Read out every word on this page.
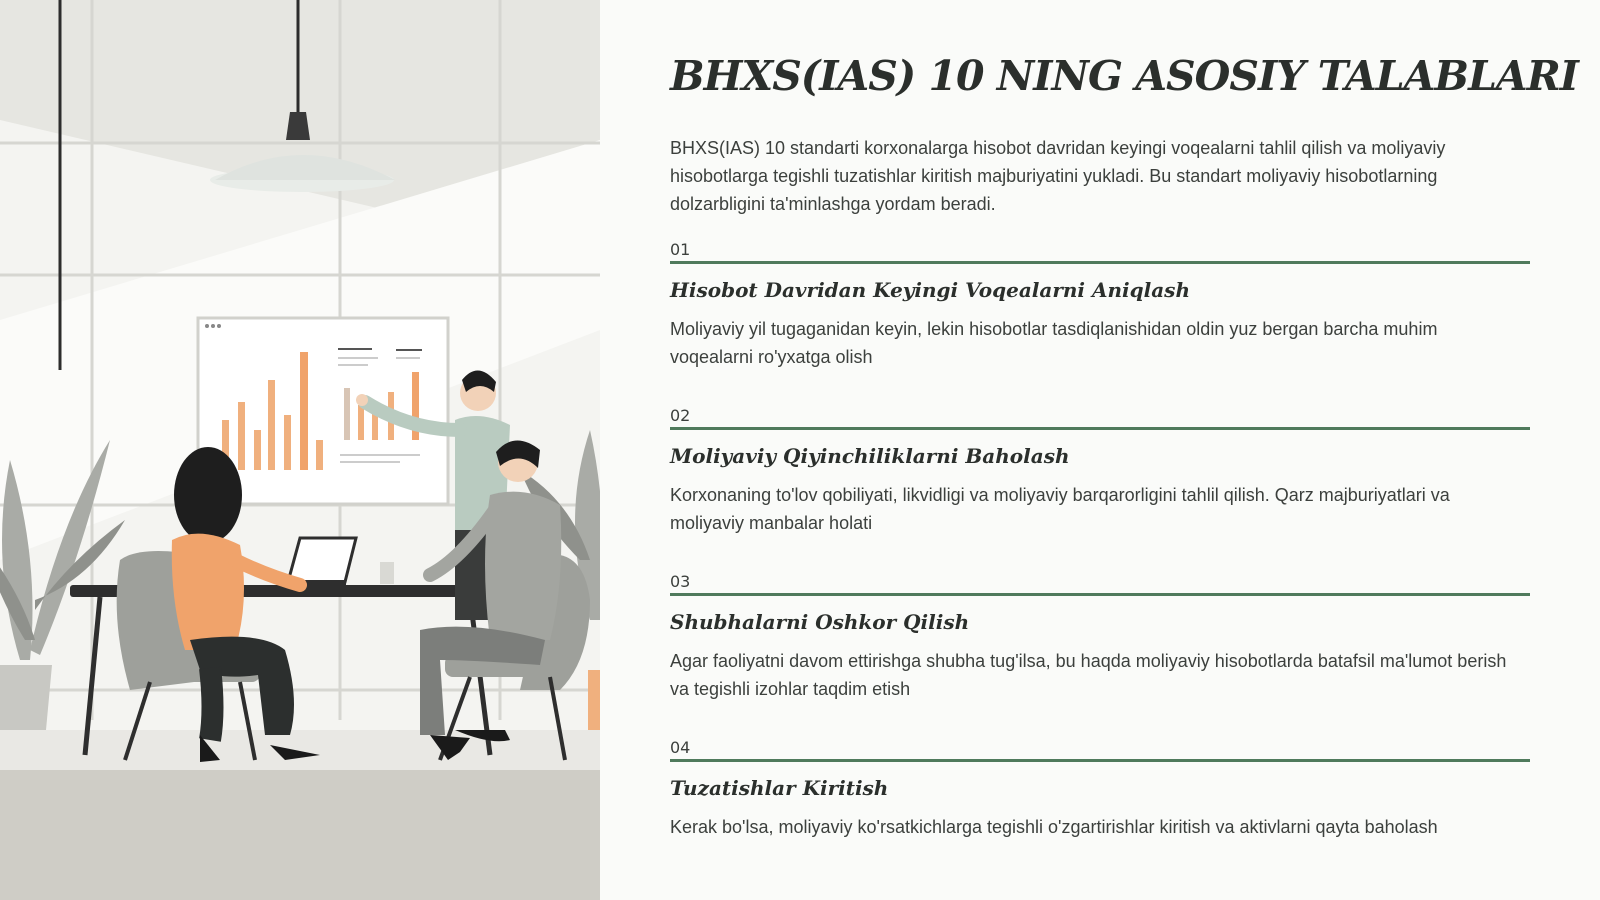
BHXS(IAS) 10 NING ASOSIY TALABLARI

BHXS(IAS) 10 standarti korxonalarga hisobot davridan keyingi voqealarni tahlil qilish va moliyaviy hisobotlarga tegishli tuzatishlar kiritish majburiyatini yukladi. Bu standart moliyaviy hisobotlarning dolzarbligini ta'minlashga yordam beradi.

01
Hisobot Davridan Keyingi Voqealarni Aniqlash
Moliyaviy yil tugaganidan keyin, lekin hisobotlar tasdiqlanishidan oldin yuz bergan barcha muhim voqealarni ro'yxatga olish
02
Moliyaviy Qiyinchiliklarni Baholash
Korxonaning to'lov qobiliyati, likvidligi va moliyaviy barqarorligini tahlil qilish. Qarz majburiyatlari va moliyaviy manbalar holati
03
Shubhalarni Oshkor Qilish
Agar faoliyatni davom ettirishga shubha tug'ilsa, bu haqda moliyaviy hisobotlarda batafsil ma'lumot berish va tegishli izohlar taqdim etish
04
Tuzatishlar Kiritish
Kerak bo'lsa, moliyaviy ko'rsatkichlarga tegishli o'zgartirishlar kiritish va aktivlarni qayta baholash
